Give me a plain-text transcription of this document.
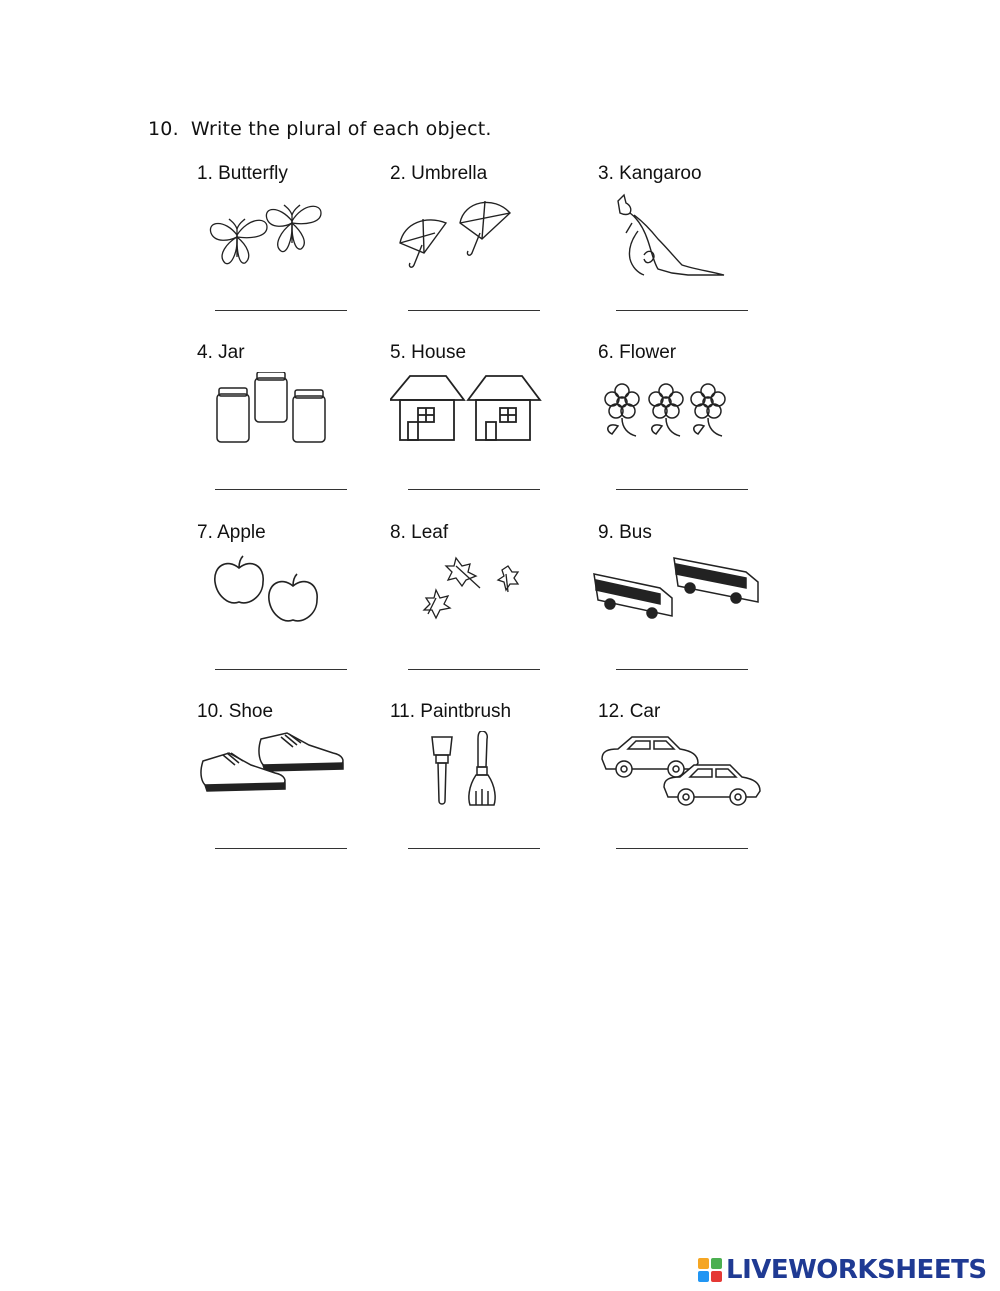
10. Write the plural of each object.
1. Butterfly	2. Umbrella	3. Kangaroo
4. Jar	5. House	6. Flower
7. Apple	8. Leaf	9. Bus
10. Shoe	11. Paintbrush	12. Car
LIVEWORKSHEETS
